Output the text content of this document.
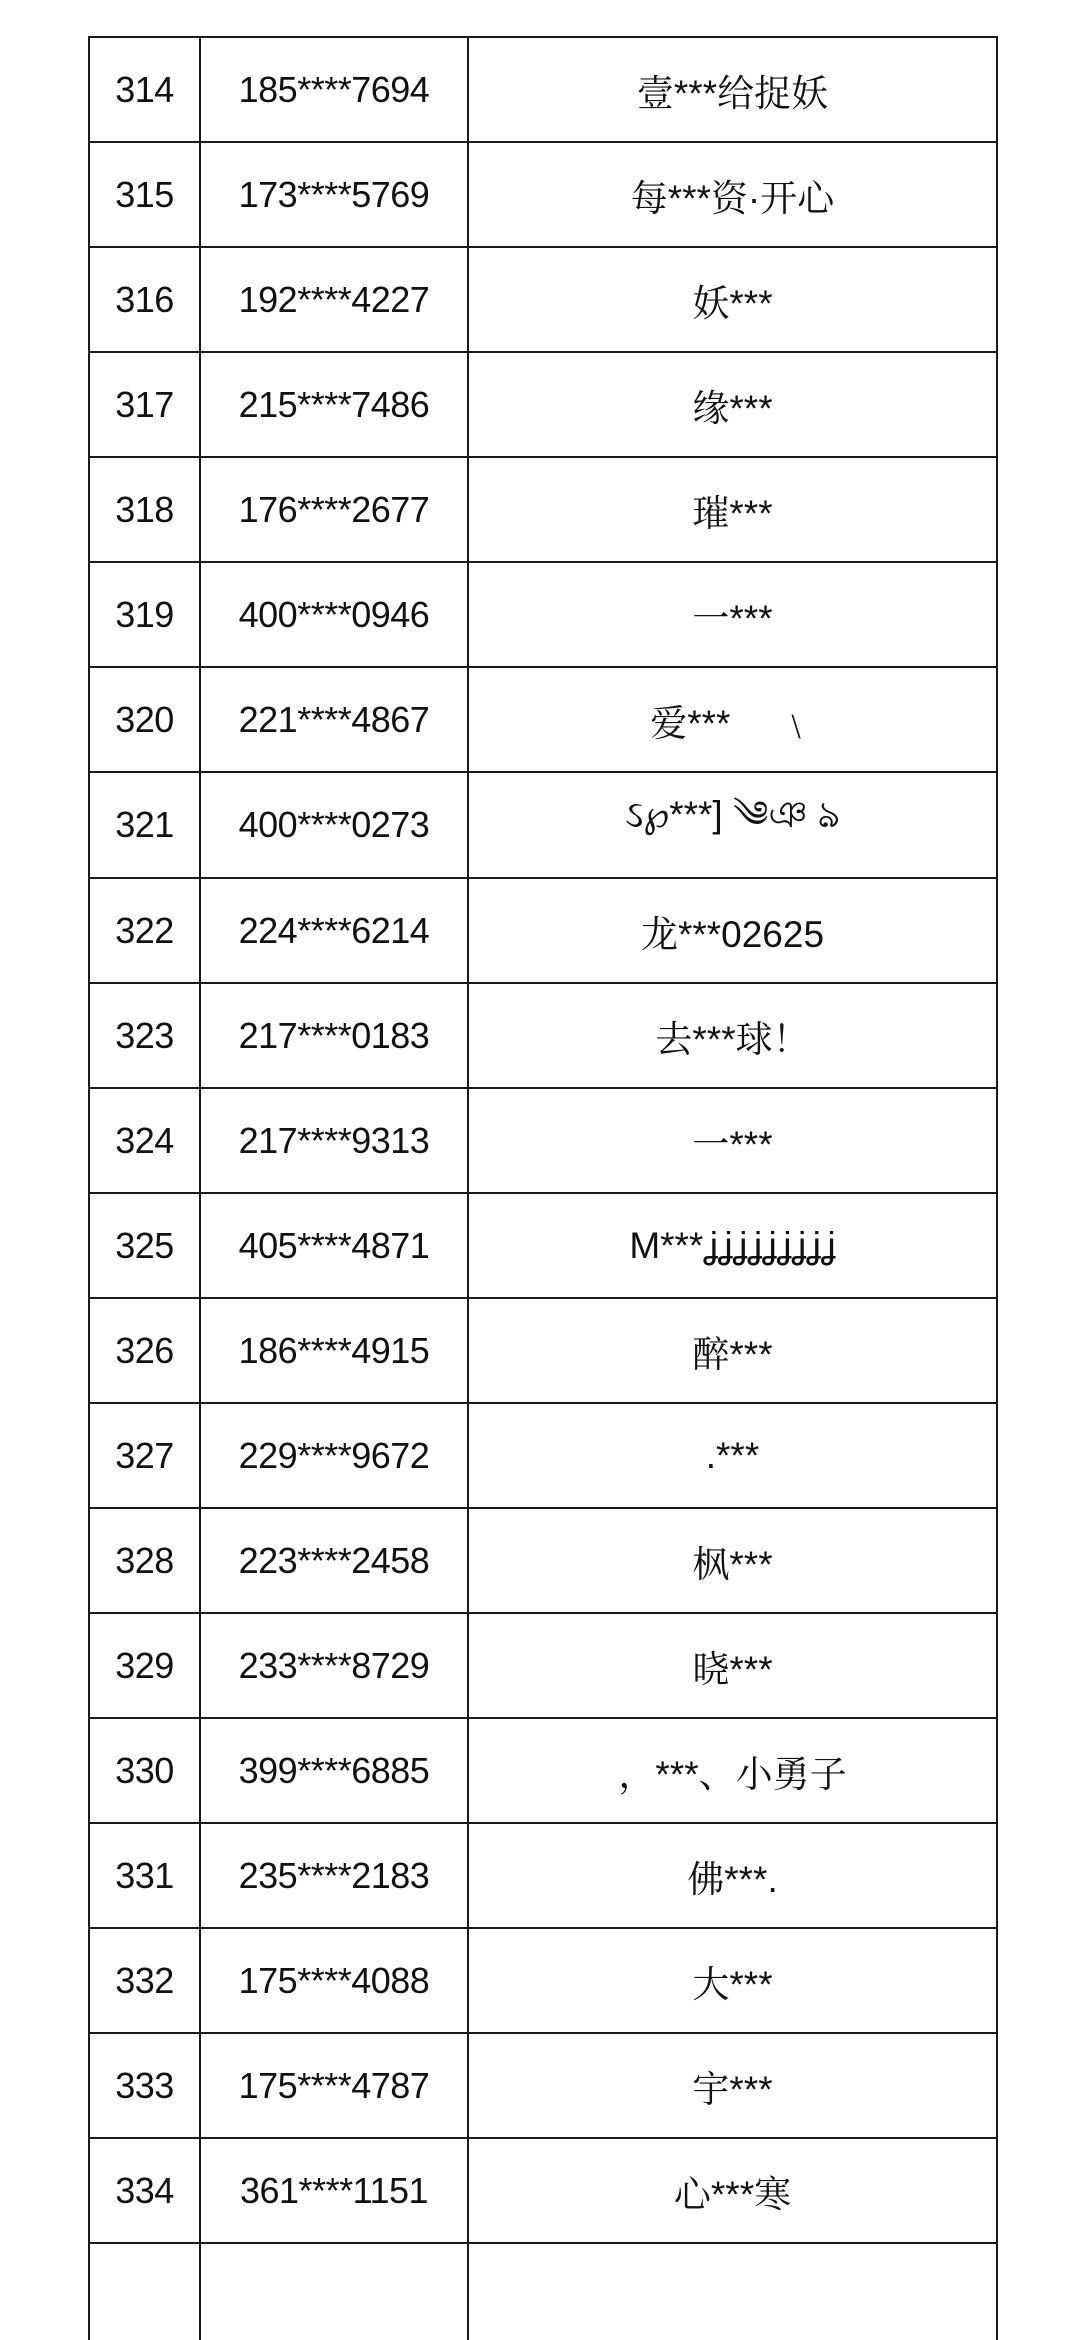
314	185****7694	壹***给捉妖
315	173****5769	每***资·开心
316	192****4227	妖***
317	215****7486	缘***
318	176****2677	璀***
319	400****0946	一***
320	221****4867	爱***　 ﹨
321	400****0273	ઽ℘***] ༄ঞ ঌ
322	224****6214	龙***02625
323	217****0183	去***球！
324	217****9313	一***
325	405****4871	M***ʝʝʝʝʝʝʝʝʝ
326	186****4915	醉***
327	229****9672	.***
328	223****2458	枫***
329	233****8729	晓***
330	399****6885	，***、小勇子
331	235****2183	佛***.
332	175****4088	大***
333	175****4787	宇***
334	361****1151	心***寒
